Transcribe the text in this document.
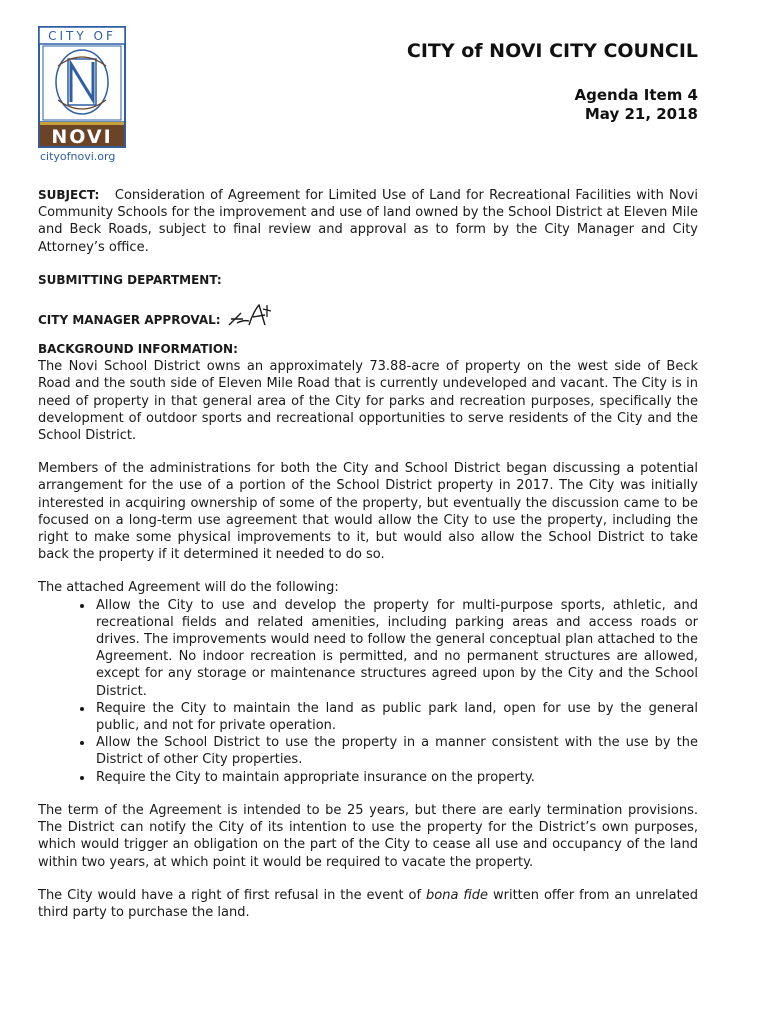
CITY OF
NOVI
cityofnovi.org
CITY of NOVI CITY COUNCIL
Agenda Item 4
May 21, 2018

SUBJECT: Consideration of Agreement for Limited Use of Land for Recreational Facilities with Novi Community Schools for the improvement and use of land owned by the School District at Eleven Mile and Beck Roads, subject to final review and approval as to form by the City Manager and City Attorney’s office.

SUBMITTING DEPARTMENT:

CITY MANAGER APPROVAL:

BACKGROUND INFORMATION:

The Novi School District owns an approximately 73.88-acre of property on the west side of Beck Road and the south side of Eleven Mile Road that is currently undeveloped and vacant. The City is in need of property in that general area of the City for parks and recreation purposes, specifically the development of outdoor sports and recreational opportunities to serve residents of the City and the School District.

Members of the administrations for both the City and School District began discussing a potential arrangement for the use of a portion of the School District property in 2017. The City was initially interested in acquiring ownership of some of the property, but eventually the discussion came to be focused on a long-term use agreement that would allow the City to use the property, including the right to make some physical improvements to it, but would also allow the School District to take back the property if it determined it needed to do so.

The attached Agreement will do the following:

• Allow the City to use and develop the property for multi-purpose sports, athletic, and recreational fields and related amenities, including parking areas and access roads or drives. The improvements would need to follow the general conceptual plan attached to the Agreement. No indoor recreation is permitted, and no permanent structures are allowed, except for any storage or maintenance structures agreed upon by the City and the School District.
• Require the City to maintain the land as public park land, open for use by the general public, and not for private operation.
• Allow the School District to use the property in a manner consistent with the use by the District of other City properties.
• Require the City to maintain appropriate insurance on the property.

The term of the Agreement is intended to be 25 years, but there are early termination provisions. The District can notify the City of its intention to use the property for the District’s own purposes, which would trigger an obligation on the part of the City to cease all use and occupancy of the land within two years, at which point it would be required to vacate the property.

The City would have a right of first refusal in the event of bona fide written offer from an unrelated third party to purchase the land.
